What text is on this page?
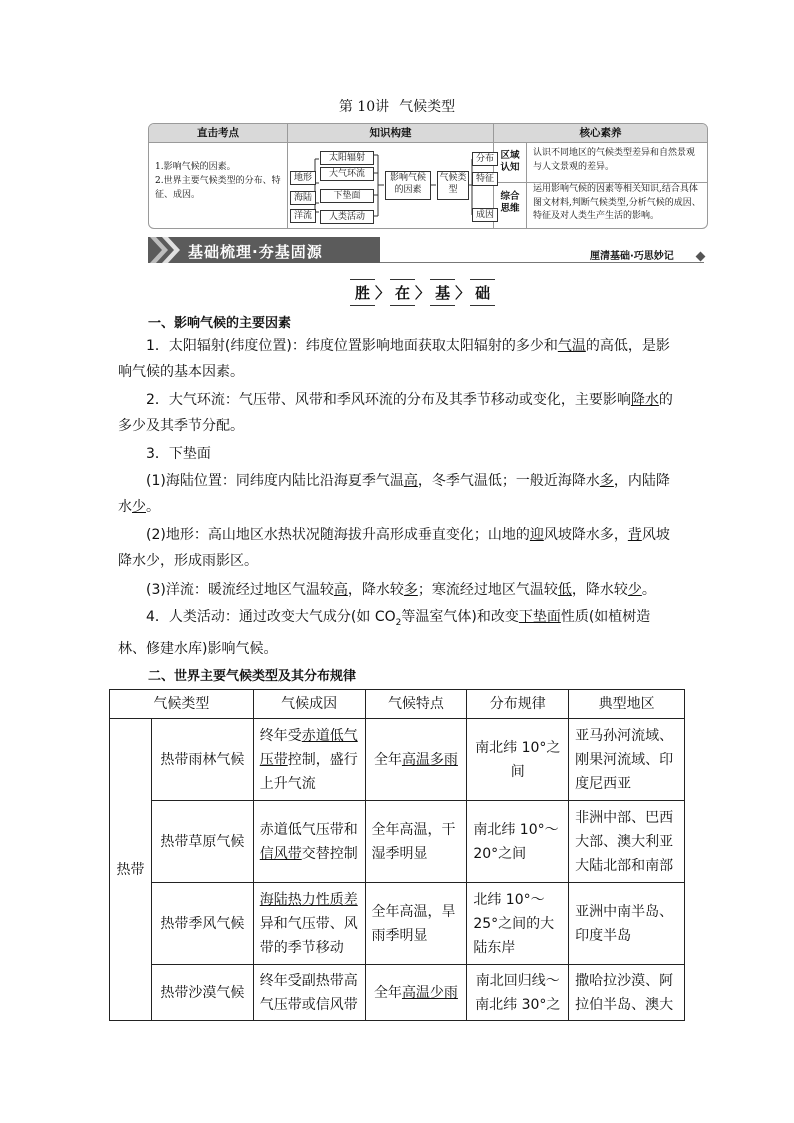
第 10讲 气候类型
直击考点	知识构建	核心素养
1.影响气候的因素。
2.世界主要气候类型的分布、特征、成因。
太阳辐射
大气环流
下垫面
人类活动
地形
海陆
洋流
影响气候的因素
气候类型
分布
特征
成因
区域认知
认识不同地区的气候类型差异和自然景观与人文景观的差异。
综合思维
运用影响气候的因素等相关知识,结合具体图文材料,判断气候类型,分析气候的成因、特征及对人类生产生活的影响。
基础梳理·夯基固源	厘清基础·巧思妙记
胜 〉 在 〉 基 〉 础
一、影响气候的主要因素
1．太阳辐射(纬度位置)：纬度位置影响地面获取太阳辐射的多少和气温的高低，是影响气候的基本因素。
2．大气环流：气压带、风带和季风环流的分布及其季节移动或变化，主要影响降水的多少及其季节分配。
3．下垫面
(1)海陆位置：同纬度内陆比沿海夏季气温高，冬季气温低；一般近海降水多，内陆降水少。
(2)地形：高山地区水热状况随海拔升高形成垂直变化；山地的迎风坡降水多，背风坡降水少，形成雨影区。
(3)洋流：暖流经过地区气温较高，降水较多；寒流经过地区气温较低，降水较少。
4．人类活动：通过改变大气成分(如 $CO_2$等温室气体)和改变下垫面性质(如植树造林、修建水库)影响气候。
二、世界主要气候类型及其分布规律
气候类型		气候成因	气候特点	分布规律	典型地区
热带	热带雨林气候	终年受赤道低气压带控制，盛行上升气流	全年高温多雨	南北纬 10°之间	亚马孙河流域、刚果河流域、印度尼西亚
	热带草原气候	赤道低气压带和信风带交替控制	全年高温，干湿季明显	南北纬 10°～20°之间	非洲中部、巴西大部、澳大利亚大陆北部和南部
	热带季风气候	海陆热力性质差异和气压带、风带的季节移动	全年高温，旱雨季明显	北纬 10°～25°之间的大陆东岸	亚洲中南半岛、印度半岛
	热带沙漠气候	终年受副热带高气压带或信风带	全年高温少雨	南北回归线～南北纬 30°之	撒哈拉沙漠、阿拉伯半岛、澳大
